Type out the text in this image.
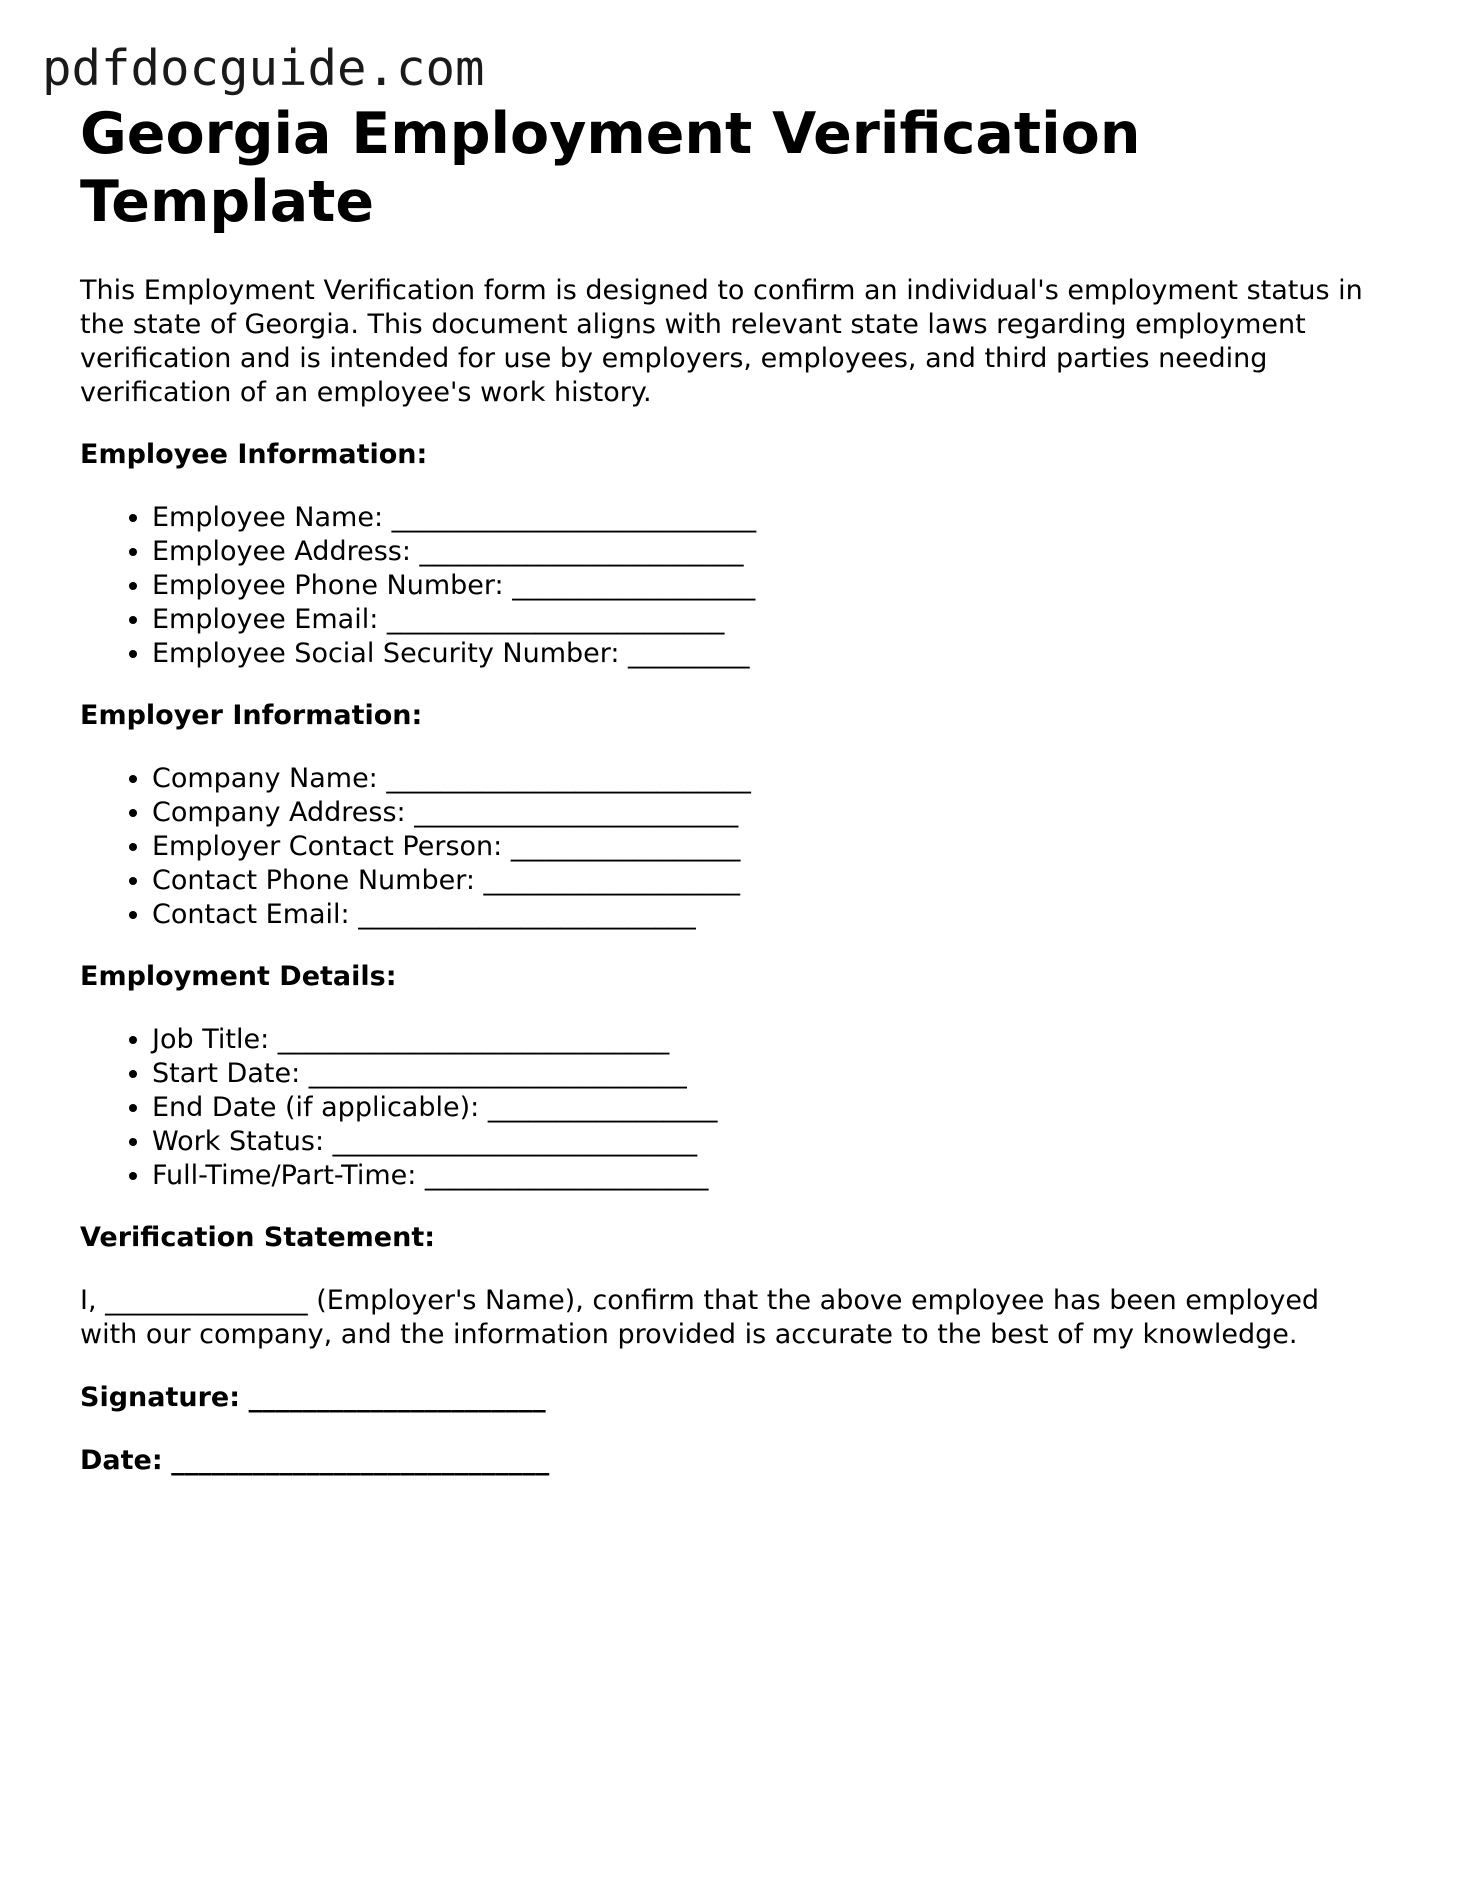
pdfdocguide.com
Georgia Employment Verification Template

This Employment Verification form is designed to confirm an individual's employment status in the state of Georgia. This document aligns with relevant state laws regarding employment verification and is intended for use by employers, employees, and third parties needing verification of an employee's work history.

Employee Information:
• Employee Name: ___________________________
• Employee Address: ________________________
• Employee Phone Number: __________________
• Employee Email: _________________________
• Employee Social Security Number: _________
Employer Information:
• Company Name: ___________________________
• Company Address: ________________________
• Employer Contact Person: _________________
• Contact Phone Number: ___________________
• Contact Email: _________________________
Employment Details:
• Job Title: _____________________________
• Start Date: ____________________________
• End Date (if applicable): _________________
• Work Status: ___________________________
• Full-Time/Part-Time: _____________________
Verification Statement:

I, _______________ (Employer's Name), confirm that the above employee has been employed with our company, and the information provided is accurate to the best of my knowledge.

Signature: ______________________
Date: ____________________________
